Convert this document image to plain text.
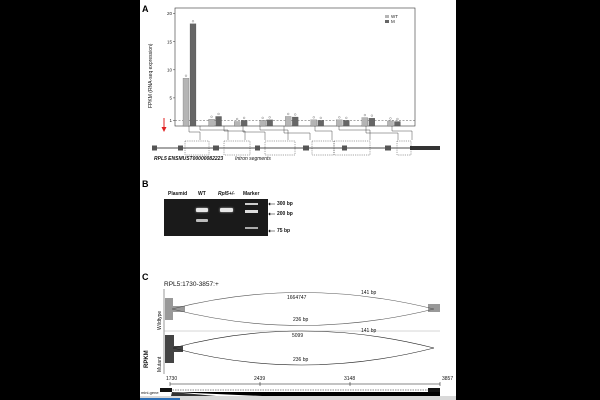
A
FPKM (RNA-seq expression)
1
5
10
15
20
WT
M
RPL5 ENSMUST00000082223 Intron segments
B
Plasmid WT Rpl5+/- Marker
300 bp
200 bp
75 bp
C
RPL5:1730-3857:+
RPKM
Wildtype
Mutant
141 bp
1664747
236 bp
141 bp
5099
236 bp
1730	2439	3148	3857
mini-gene
